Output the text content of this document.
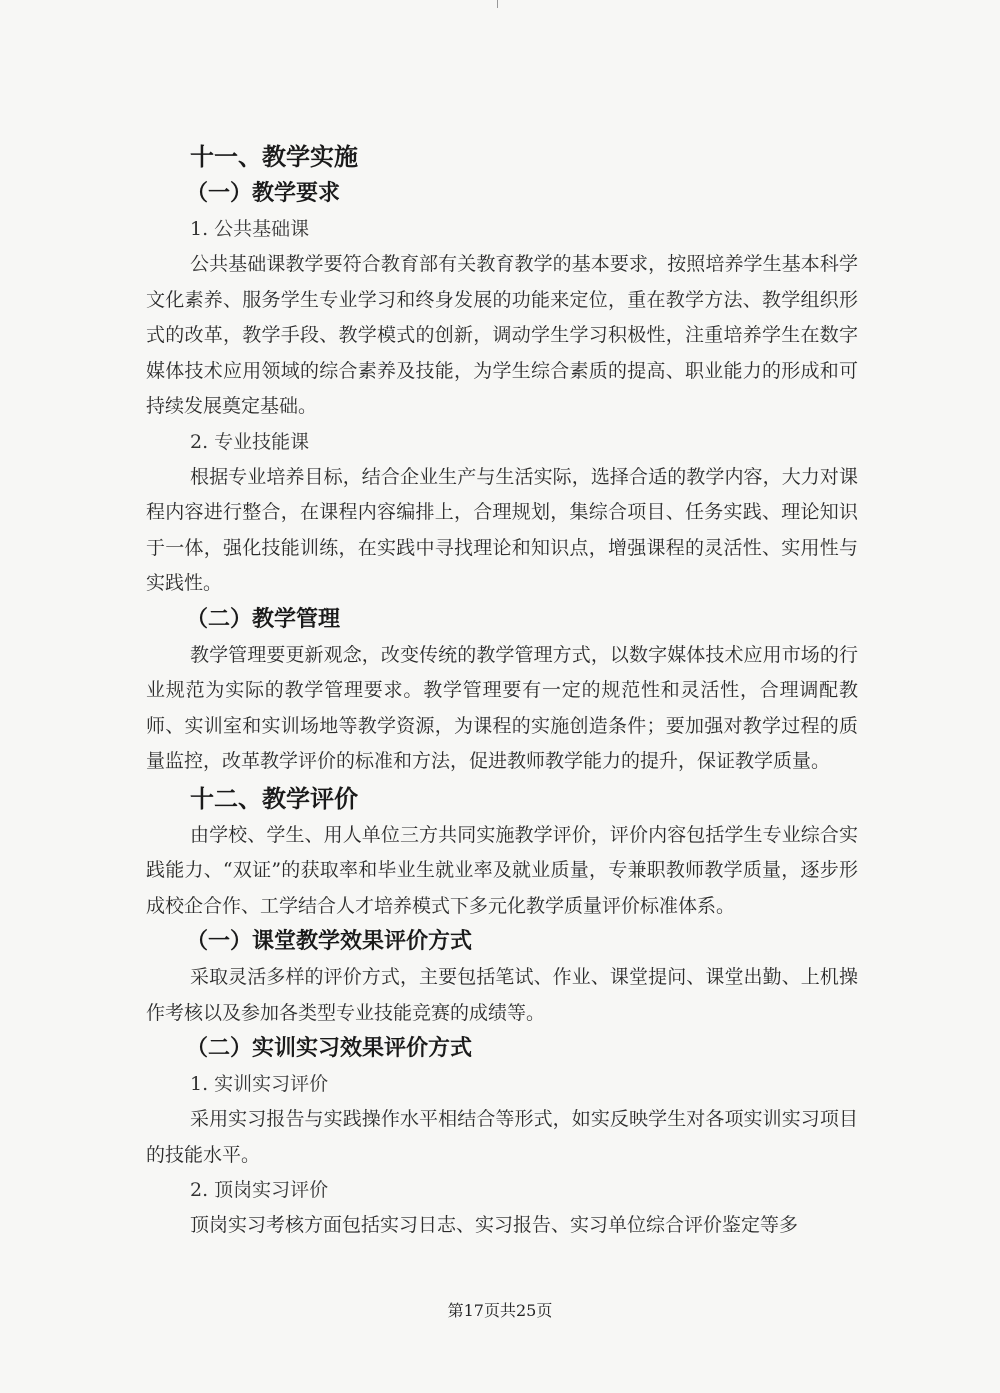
十一、教学实施
（一）教学要求
1. 公共基础课

公共基础课教学要符合教育部有关教育教学的基本要求，按照培养学生基本科学文化素养、服务学生专业学习和终身发展的功能来定位，重在教学方法、教学组织形式的改革，教学手段、教学模式的创新，调动学生学习积极性，注重培养学生在数字媒体技术应用领域的综合素养及技能，为学生综合素质的提高、职业能力的形成和可持续发展奠定基础。

2. 专业技能课

根据专业培养目标，结合企业生产与生活实际，选择合适的教学内容，大力对课程内容进行整合，在课程内容编排上，合理规划，集综合项目、任务实践、理论知识于一体，强化技能训练，在实践中寻找理论和知识点，增强课程的灵活性、实用性与实践性。

（二）教学管理

教学管理要更新观念，改变传统的教学管理方式，以数字媒体技术应用市场的行业规范为实际的教学管理要求。教学管理要有一定的规范性和灵活性，合理调配教师、实训室和实训场地等教学资源，为课程的实施创造条件；要加强对教学过程的质量监控，改革教学评价的标准和方法，促进教师教学能力的提升，保证教学质量。

十二、教学评价

由学校、学生、用人单位三方共同实施教学评价，评价内容包括学生专业综合实践能力、“双证”的获取率和毕业生就业率及就业质量，专兼职教师教学质量，逐步形成校企合作、工学结合人才培养模式下多元化教学质量评价标准体系。

（一）课堂教学效果评价方式

采取灵活多样的评价方式，主要包括笔试、作业、课堂提问、课堂出勤、上机操作考核以及参加各类型专业技能竞赛的成绩等。

（二）实训实习效果评价方式
1. 实训实习评价

采用实习报告与实践操作水平相结合等形式，如实反映学生对各项实训实习项目的技能水平。

2. 顶岗实习评价

顶岗实习考核方面包括实习日志、实习报告、实习单位综合评价鉴定等多

第17页共25页
